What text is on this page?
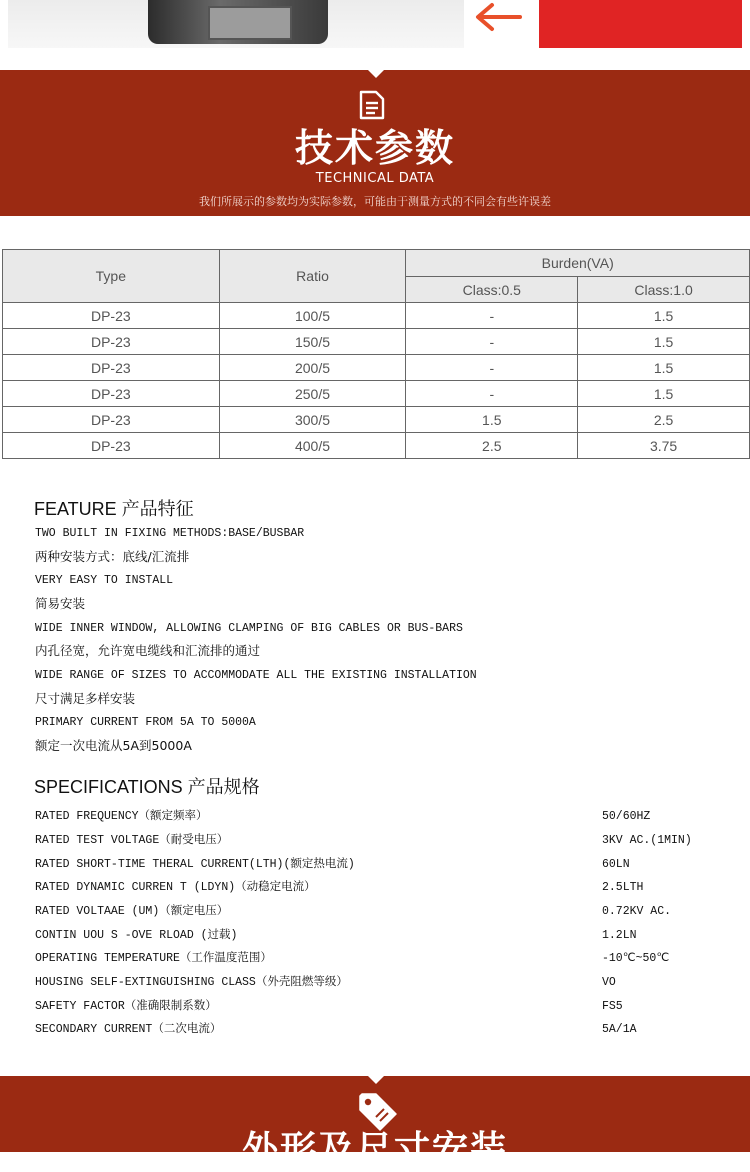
技术参数
TECHNICAL DATA
我们所展示的参数均为实际参数，可能由于测量方式的不同会有些许误差
Type	Ratio	Burden(VA)	
		Class:0.5	Class:1.0
DP-23	100/5	-	1.5
DP-23	150/5	-	1.5
DP-23	200/5	-	1.5
DP-23	250/5	-	1.5
DP-23	300/5	1.5	2.5
DP-23	400/5	2.5	3.75
FEATURE 产品特征
TWO BUILT IN FIXING METHODS:BASE/BUSBAR
两种安装方式：底线/汇流排
VERY EASY TO INSTALL
简易安装
WIDE INNER WINDOW, ALLOWING CLAMPING OF BIG CABLES OR BUS-BARS
内孔径宽，允许宽电缆线和汇流排的通过
WIDE RANGE OF SIZES TO ACCOMMODATE ALL THE EXISTING INSTALLATION
尺寸满足多样安装
PRIMARY CURRENT FROM 5A TO 5000A
额定一次电流从5A到5000A
SPECIFICATIONS 产品规格
RATED FREQUENCY（额定频率）	50/60HZ
RATED TEST VOLTAGE（耐受电压）	3KV AC.(1MIN)
RATED SHORT-TIME THERAL CURRENT(LTH)(额定热电流)	60LN
RATED DYNAMIC CURREN T (LDYN)（动稳定电流）	2.5LTH
RATED VOLTAAE (UM)（额定电压）	0.72KV AC.
CONTIN UOU S -OVE RLOAD (过载)	1.2LN
OPERATING TEMPERATURE（工作温度范围）	-10℃~50℃
HOUSING SELF-EXTINGUISHING CLASS（外壳阻燃等级）	VO
SAFETY FACTOR（准确限制系数）	FS5
SECONDARY CURRENT（二次电流）	5A/1A
外形及尺寸安装
